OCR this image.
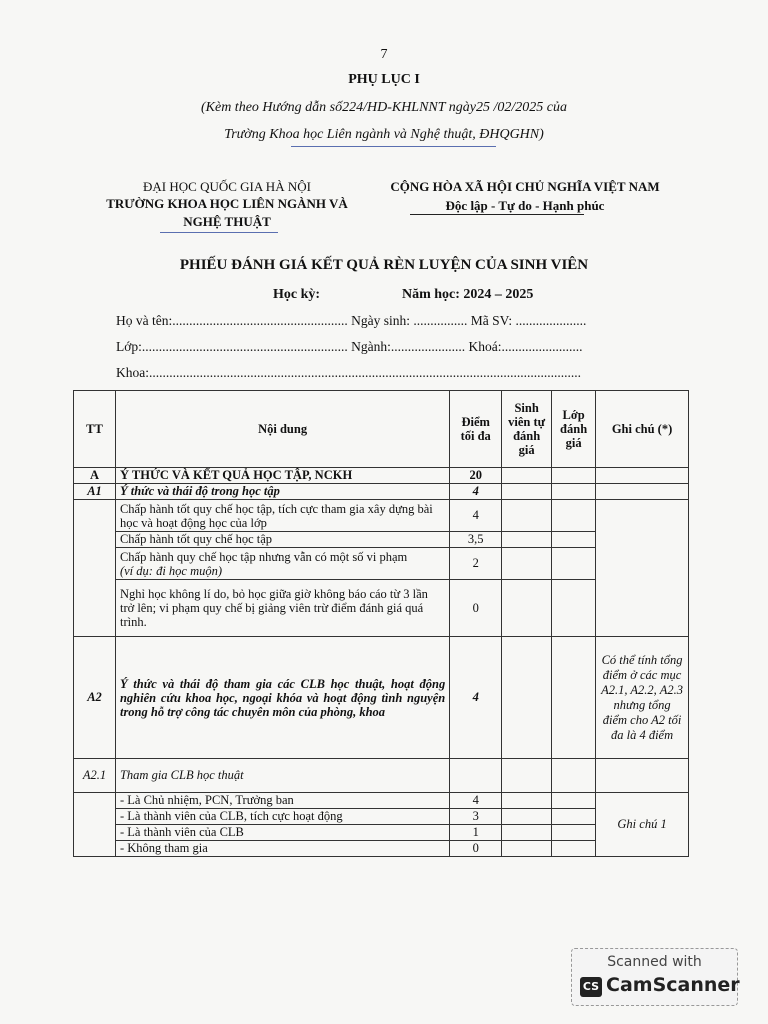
7
PHỤ LỤC I
(Kèm theo Hướng dẫn số224/HD-KHLNNT ngày25 /02/2025 của
Trường Khoa học Liên ngành và Nghệ thuật, ĐHQGHN)
ĐẠI HỌC QUỐC GIA HÀ NỘI
TRƯỜNG KHOA HỌC LIÊN NGÀNH VÀ
NGHỆ THUẬT
CỘNG HÒA XÃ HỘI CHỦ NGHĨA VIỆT NAM
Độc lập - Tự do - Hạnh phúc
PHIẾU ĐÁNH GIÁ KẾT QUẢ RÈN LUYỆN CỦA SINH VIÊN
Học kỳ:	Năm học: 2024 – 2025
Họ và tên:.................................................... Ngày sinh: ................ Mã SV: .....................
Lớp:............................................................. Ngành:...................... Khoá:........................
Khoa:................................................................................................................................
TT	Nội dung	Điểm tối đa	Sinh viên tự đánh giá	Lớp đánh giá	Ghi chú (*)
A	Ý THỨC VÀ KẾT QUẢ HỌC TẬP, NCKH	20			
A1	Ý thức và thái độ trong học tập	4			
	Chấp hành tốt quy chế học tập, tích cực tham gia xây dựng bài học và hoạt động học của lớp	4			
	Chấp hành tốt quy chế học tập	3,5			
	Chấp hành quy chế học tập nhưng vẫn có một số vi phạm
(ví dụ: đi học muộn)	2			
	Nghỉ học không lí do, bỏ học giữa giờ không báo cáo từ 3 lần trở lên; vi phạm quy chế bị giảng viên trừ điểm đánh giá quá trình.	0			
A2	Ý thức và thái độ tham gia các CLB học thuật, hoạt động nghiên cứu khoa học, ngoại khóa và hoạt động tình nguyện trong hỗ trợ công tác chuyên môn của phòng, khoa	4			Có thể tính tổng điểm ở các mục A2.1, A2.2, A2.3 nhưng tổng điểm cho A2 tối đa là 4 điểm
A2.1	Tham gia CLB học thuật				
	- Là Chủ nhiệm, PCN, Trưởng ban	4			Ghi chú 1
	- Là thành viên của CLB, tích cực hoạt động	3			
	- Là thành viên của CLB	1			
	- Không tham gia	0			
Scanned with
CS CamScanner
